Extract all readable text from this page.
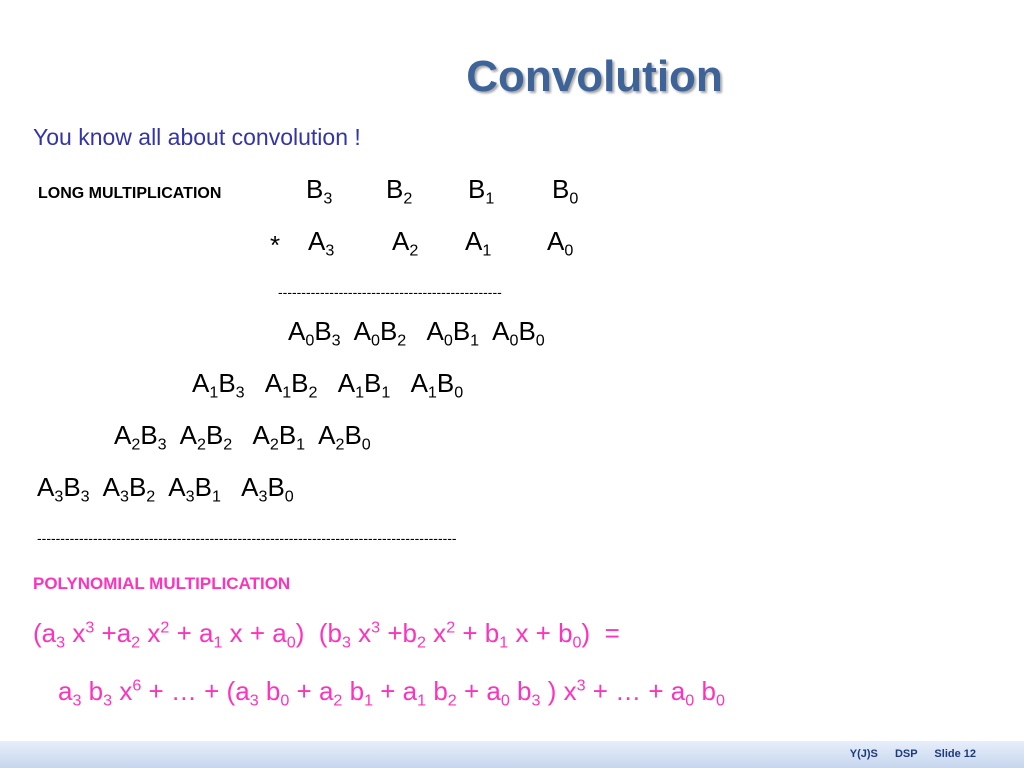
Convolution
You know all about convolution !
LONG MULTIPLICATION	$B_3$ $B_2$ $B_1$ $B_0$
* $A_3$ $A_2$ $A_1$ $A_0$
------------------------------------------------
$A_0B_3$  $A_0B_2$   $A_0B_1$  $A_0B_0$
$A_1B_3$   $A_1B_2$   $A_1B_1$   $A_1B_0$
$A_2B_3$  $A_2B_2$   $A_2B_1$  $A_2B_0$
$A_3B_3$  $A_3B_2$  $A_3B_1$   $A_3B_0$
------------------------------------------------------------------------------------------
POLYNOMIAL MULTIPLICATION
($a_3$ $x^3 +a_2$ $x^2 + a_1$ $x + a_0$)  ($b_3$ $x^3 +b_2$ $x^2 + b_1$ $x + b_0$)  =
$a_3$ $b_3$ $x^6$ + … + ($a_3$ $b_0 + a_2$ $b_1 + a_1$ $b_2 + a_0$ $b_3$ ) $x^3$ + … + $a_0$ $b_0$
Y(J)S DSP Slide 12
